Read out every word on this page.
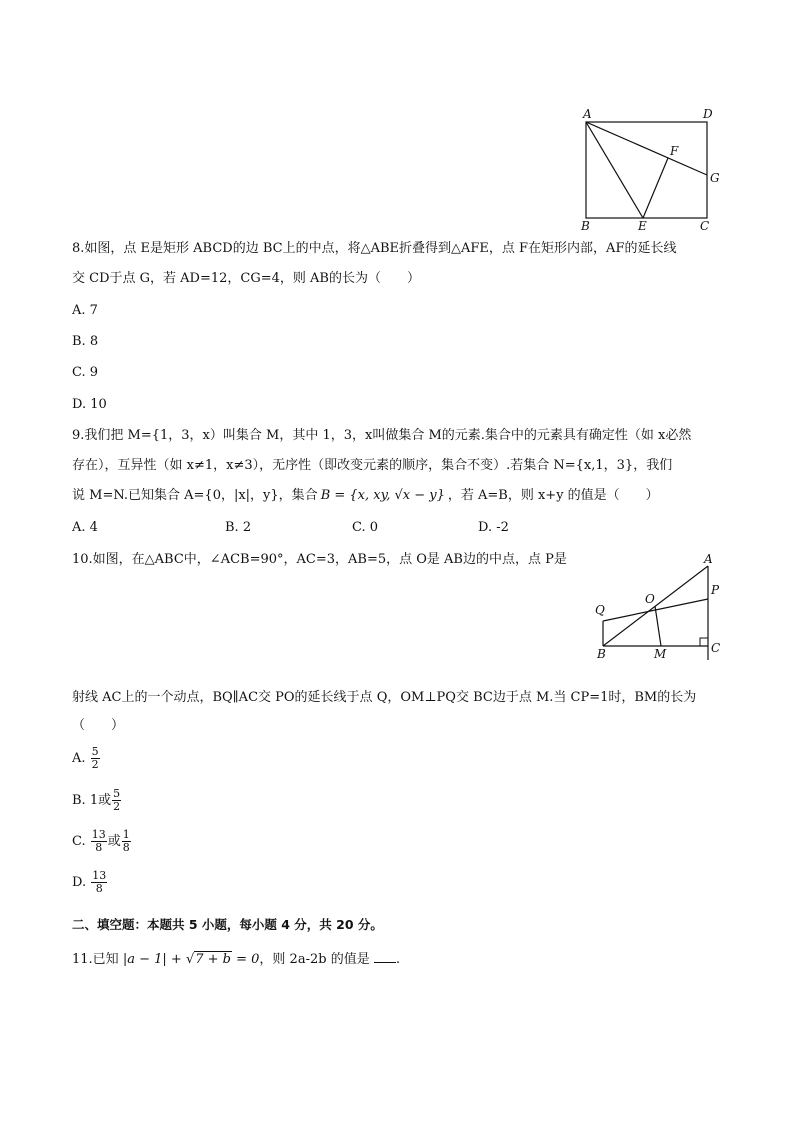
A	D
F
G
B	E	C
8.如图，点 E是矩形 ABCD的边 BC上的中点，将△ABE折叠得到△AFE，点 F在矩形内部，AF的延长线
交 CD于点 G，若 AD=12，CG=4，则 AB的长为（　　）
A. 7
B. 8
C. 9
D. 10
9.我们把 M={1，3，x）叫集合 M，其中 1，3，x叫做集合 M的元素.集合中的元素具有确定性（如 x必然
存在），互异性（如 x≠1，x≠3），无序性（即改变元素的顺序，集合不变）.若集合 N={x,1，3}，我们
说 M=N.已知集合 A={0，|x|，y}，集合 B = {x, xy, √x − y} ，若 A=B，则 x+y 的值是（　　）
A. 4	B. 2	C. 0	D. -2
10.如图，在△ABC中，∠ACB=90°，AC=3，AB=5，点 O是 AB边的中点，点 P是	A
P
Q
O
B	M	C
射线 AC上的一个动点，BQ∥AC交 PO的延长线于点 Q，OM⊥PQ交 BC边于点 M.当 CP=1时，BM的长为
（　　）
A. $\frac{5}{2}$
B. 1或 $\frac{5}{2}$
C. $\frac{13}{8}$ 或 $\frac{1}{8}$
D. $\frac{13}{8}$
二、填空题：本题共 5 小题，每小题 4 分，共 20 分。
11.已知 |a − 1| + √7 + b = 0，则 2a-2b 的值是 .
